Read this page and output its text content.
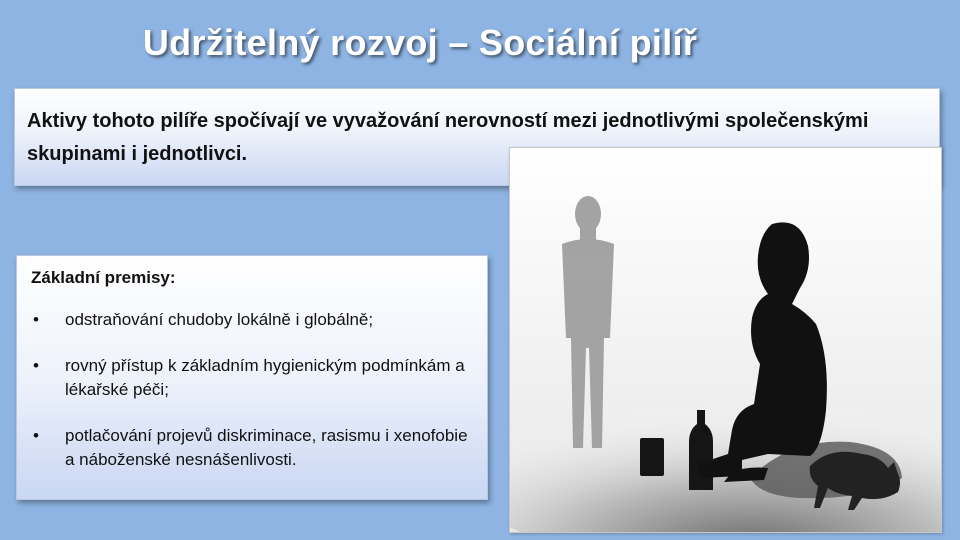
Udržitelný rozvoj – Sociální pilíř
Aktivy tohoto pilíře spočívají ve vyvažování nerovností mezi jednotlivými společenskými skupinami i jednotlivci.
Základní premisy:
• odstraňování chudoby lokálně i globálně;
• rovný přístup k základním hygienickým podmínkám a lékařské péči;
• potlačování projevů diskriminace, rasismu i xenofobie a náboženské nesnášenlivosti.
